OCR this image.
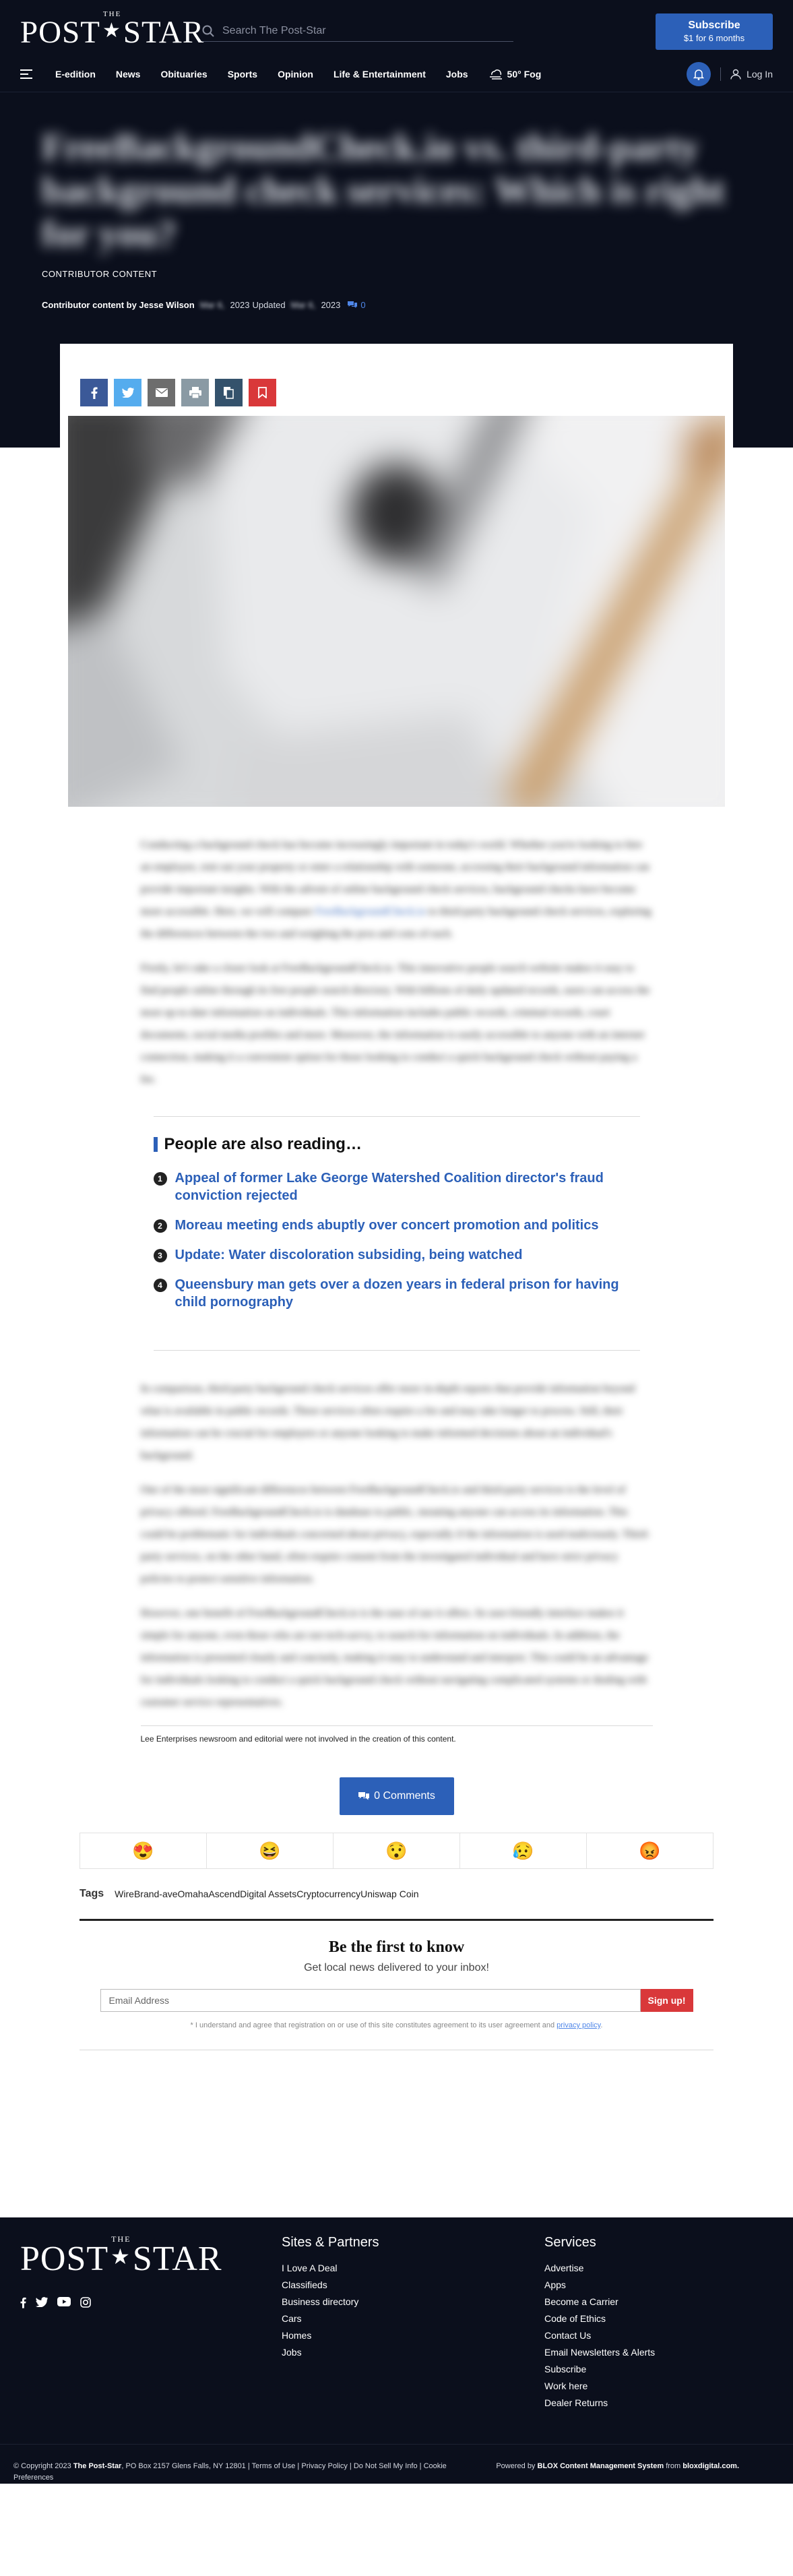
THE
POST ★STAR
Search The Post-Star	Subscribe
$1 for 6 months
E-edition News Obituaries Sports Opinion Life & Entertainment Jobs	50° Fog	Log In
FreeBackgroundCheck.io vs. third-party background check services: Which is right for you?
CONTRIBUTOR CONTENT
Contributor content by Jesse Wilson Mar 6, 2023 Updated Mar 6, 2023 0

Conducting a background check has become increasingly important in today's world. Whether you're looking to hire an employee, rent out your property or enter a relationship with someone, accessing their background information can provide important insights. With the advent of online background check services, background checks have become more accessible. Here, we will compare FreeBackgroundCheck.io to third-party background check services, exploring the differences between the two and weighing the pros and cons of each.

Firstly, let's take a closer look at FreeBackgroundCheck.io. This innovative people search website makes it easy to find people online through its free people search directory. With billions of daily updated records, users can access the most up-to-date information on individuals. This information includes public records, criminal records, court documents, social media profiles and more. Moreover, the information is easily accessible to anyone with an internet connection, making it a convenient option for those looking to conduct a quick background check without paying a fee.

People are also reading…
1 Appeal of former Lake George Watershed Coalition director's fraud conviction rejected
2 Moreau meeting ends abuptly over concert promotion and politics
3 Update: Water discoloration subsiding, being watched
4 Queensbury man gets over a dozen years in federal prison for having child pornography

In comparison, third-party background check services offer more in-depth reports that provide information beyond what is available in public records. These services often require a fee and may take longer to process. Still, their information can be crucial for employers or anyone looking to make informed decisions about an individual's background.

One of the most significant differences between FreeBackgroundCheck.io and third-party services is the level of privacy offered. FreeBackgroundCheck.io is database to public, meaning anyone can access its information. This could be problematic for individuals concerned about privacy, especially if the information is used maliciously. Third-party services, on the other hand, often require consent from the investigated individual and have strict privacy policies to protect sensitive information.

However, one benefit of FreeBackgroundCheck.io is the ease of use it offers. Its user-friendly interface makes it simple for anyone, even those who are not tech-savvy, to search for information on individuals. In addition, the information is presented clearly and concisely, making it easy to understand and interpret. This could be an advantage for individuals looking to conduct a quick background check without navigating complicated systems or dealing with customer service representatives.

Lee Enterprises newsroom and editorial were not involved in the creation of this content.
0 Comments
😍	😆	😯	😥	😡
Tags Wire Brand-ave Omaha Ascend Digital Assets Cryptocurrency Uniswap Coin
Be the first to know
Get local news delivered to your inbox!
Email Address
Sign up!
* I understand and agree that registration on or use of this site constitutes agreement to its user agreement and privacy policy.
THE
POST★STAR	Sites & Partners
I Love A Deal
Classifieds
Business directory
Cars
Homes
Jobs
Services
Advertise
Apps
Become a Carrier
Code of Ethics
Contact Us
Email Newsletters & Alerts
Subscribe
Work here
Dealer Returns
© Copyright 2023 The Post-Star, PO Box 2157 Glens Falls, NY 12801 | Terms of Use | Privacy Policy | Do Not Sell My Info | Cookie Preferences
Powered by BLOX Content Management System from bloxdigital.com.
